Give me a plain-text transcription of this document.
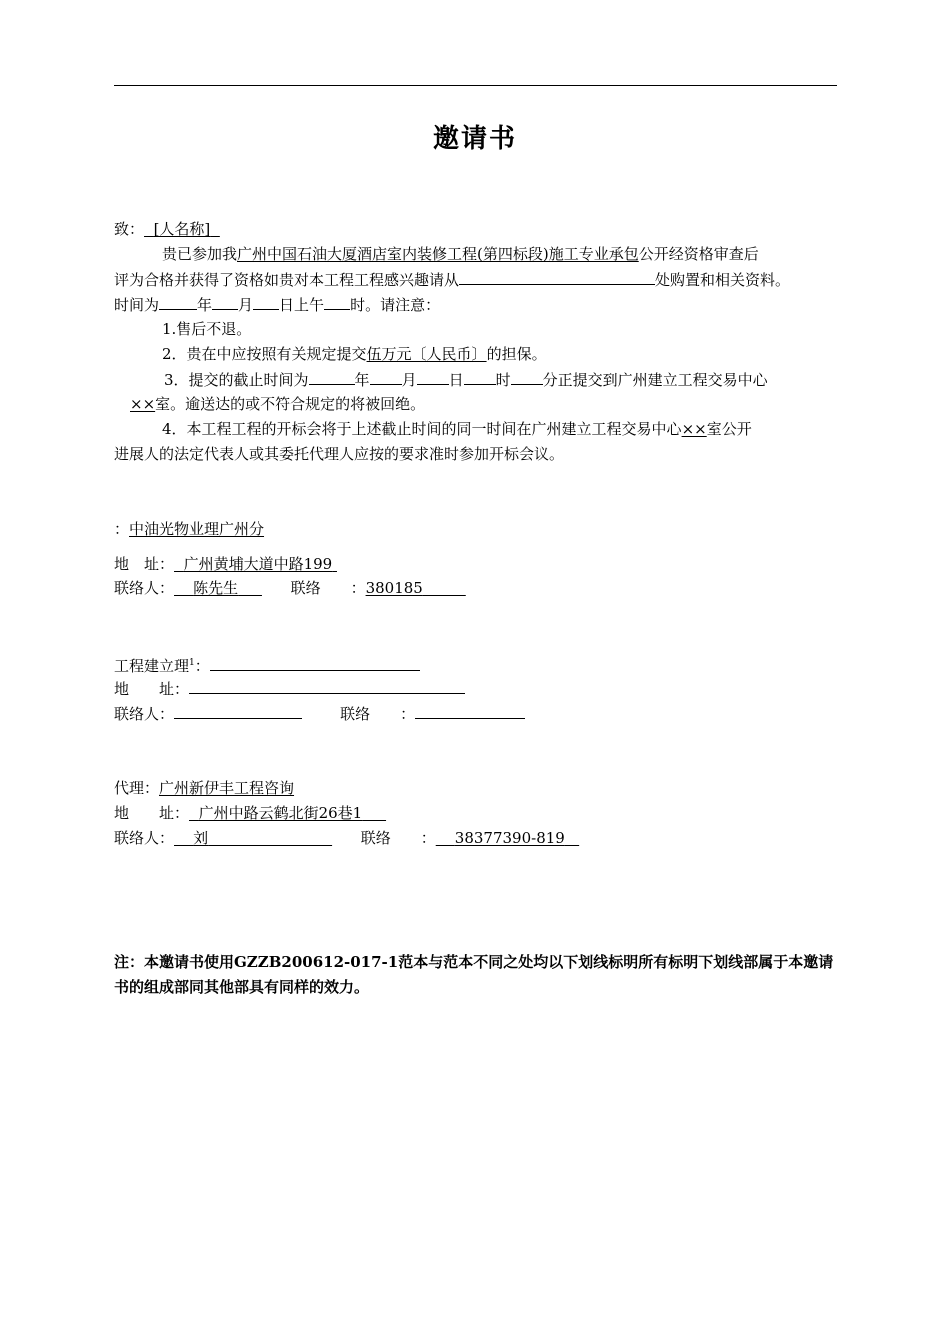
邀请书
致： [人名称]
贵已参加我广州中国石油大厦酒店室内装修工程(第四标段)施工专业承包公开经资格审查后
评为合格并获得了资格如贵对本工程工程感兴趣请从	处购置和相关资料。
时间为	年 月 日上午 时。请注意：
1.售后不退。
2．贵在中应按照有关规定提交伍万元〔人民币〕的担保。
3．提交的截止时间为	年 月 日 时 分正提交到广州建立工程交易中心
××室。逾送达的或不符合规定的将被回绝。
4．本工程工程的开标会将于上述截止时间的同一时间在广州建立工程交易中心××室公开
进展人的法定代表人或其委托代理人应按的要求准时参加开标会议。
：中油光物业理广州分
地　址： 广州黄埔大道中路199
联络人： 陈先生	联络　　：380185
工程建立理$^1$：
地　　址：
联络人：	联络　　：
代理：广州新伊丰工程咨询
地　　址： 广州中路云鹤北街26巷1
联络人： 刘	联络　　： 38377390-819
注：本邀请书使用GZZB200612-017-1范本与范本不同之处均以下划线标明所有标明下划线部属于本邀请书的组成部同其他部具有同样的效力。
